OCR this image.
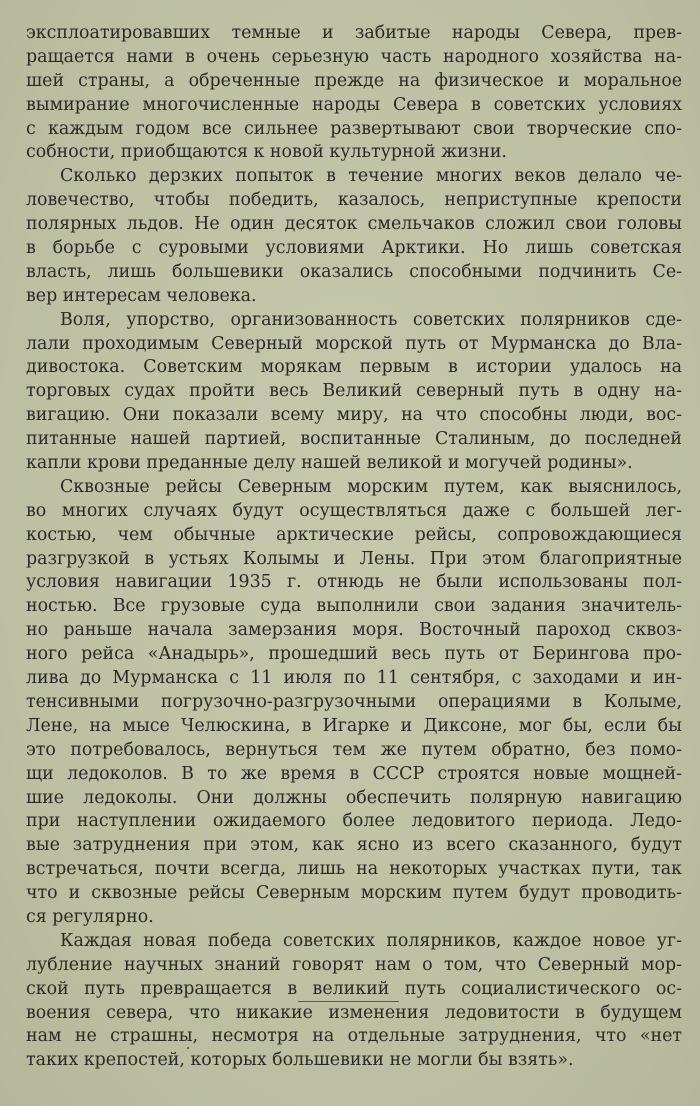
эксплоатировавших темные и забитые народы Севера, прев-
ращается нами в очень серьезную часть народного хозяйства на-
шей страны, а обреченные прежде на физическое и моральное
вымирание многочисленные народы Севера в советских условиях
с каждым годом все сильнее развертывают свои творческие спо-
собности, приобщаются к новой культурной жизни.
Сколько дерзких попыток в течение многих веков делало че-
ловечество, чтобы победить, казалось, неприступные крепости
полярных льдов. Не один десяток смельчаков сложил свои головы
в борьбе с суровыми условиями Арктики. Но лишь советская
власть, лишь большевики оказались способными подчинить Се-
вер интересам человека.
Воля, упорство, организованность советских полярников сде-
лали проходимым Северный морской путь от Мурманска до Вла-
дивостока. Советским морякам первым в истории удалось на
торговых судах пройти весь Великий северный путь в одну на-
вигацию. Они показали всему миру, на что способны люди, вос-
питанные нашей партией, воспитанные Сталиным, до последней
капли крови преданные делу нашей великой и могучей родины».
Сквозные рейсы Северным морским путем, как выяснилось,
во многих случаях будут осуществляться даже с большей лег-
костью, чем обычные арктические рейсы, сопровождающиеся
разгрузкой в устьях Колымы и Лены. При этом благоприятные
условия навигации 1935 г. отнюдь не были использованы пол-
ностью. Все грузовые суда выполнили свои задания значитель-
но раньше начала замерзания моря. Восточный пароход сквоз-
ного рейса «Анадырь», прошедший весь путь от Берингова про-
лива до Мурманска с 11 июля по 11 сентября, с заходами и ин-
тенсивными погрузочно-разгрузочными операциями в Колыме,
Лене, на мысе Челюскина, в Игарке и Диксоне, мог бы, если бы
это потребовалось, вернуться тем же путем обратно, без помо-
щи ледоколов. В то же время в СССР строятся новые мощней-
шие ледоколы. Они должны обеспечить полярную навигацию
при наступлении ожидаемого более ледовитого периода. Ледо-
вые затруднения при этом, как ясно из всего сказанного, будут
встречаться, почти всегда, лишь на некоторых участках пути, так
что и сквозные рейсы Северным морским путем будут проводить-
ся регулярно.
Каждая новая победа советских полярников, каждое новое уг-
лубление научных знаний говорят нам о том, что Северный мор-
ской путь превращается в великий путь социалистического ос-
воения севера, что никакие изменения ледовитости в будущем
нам не страшны, несмотря на отдельные затруднения, что «нет
таких крепостей, которых большевики не могли бы взять».
